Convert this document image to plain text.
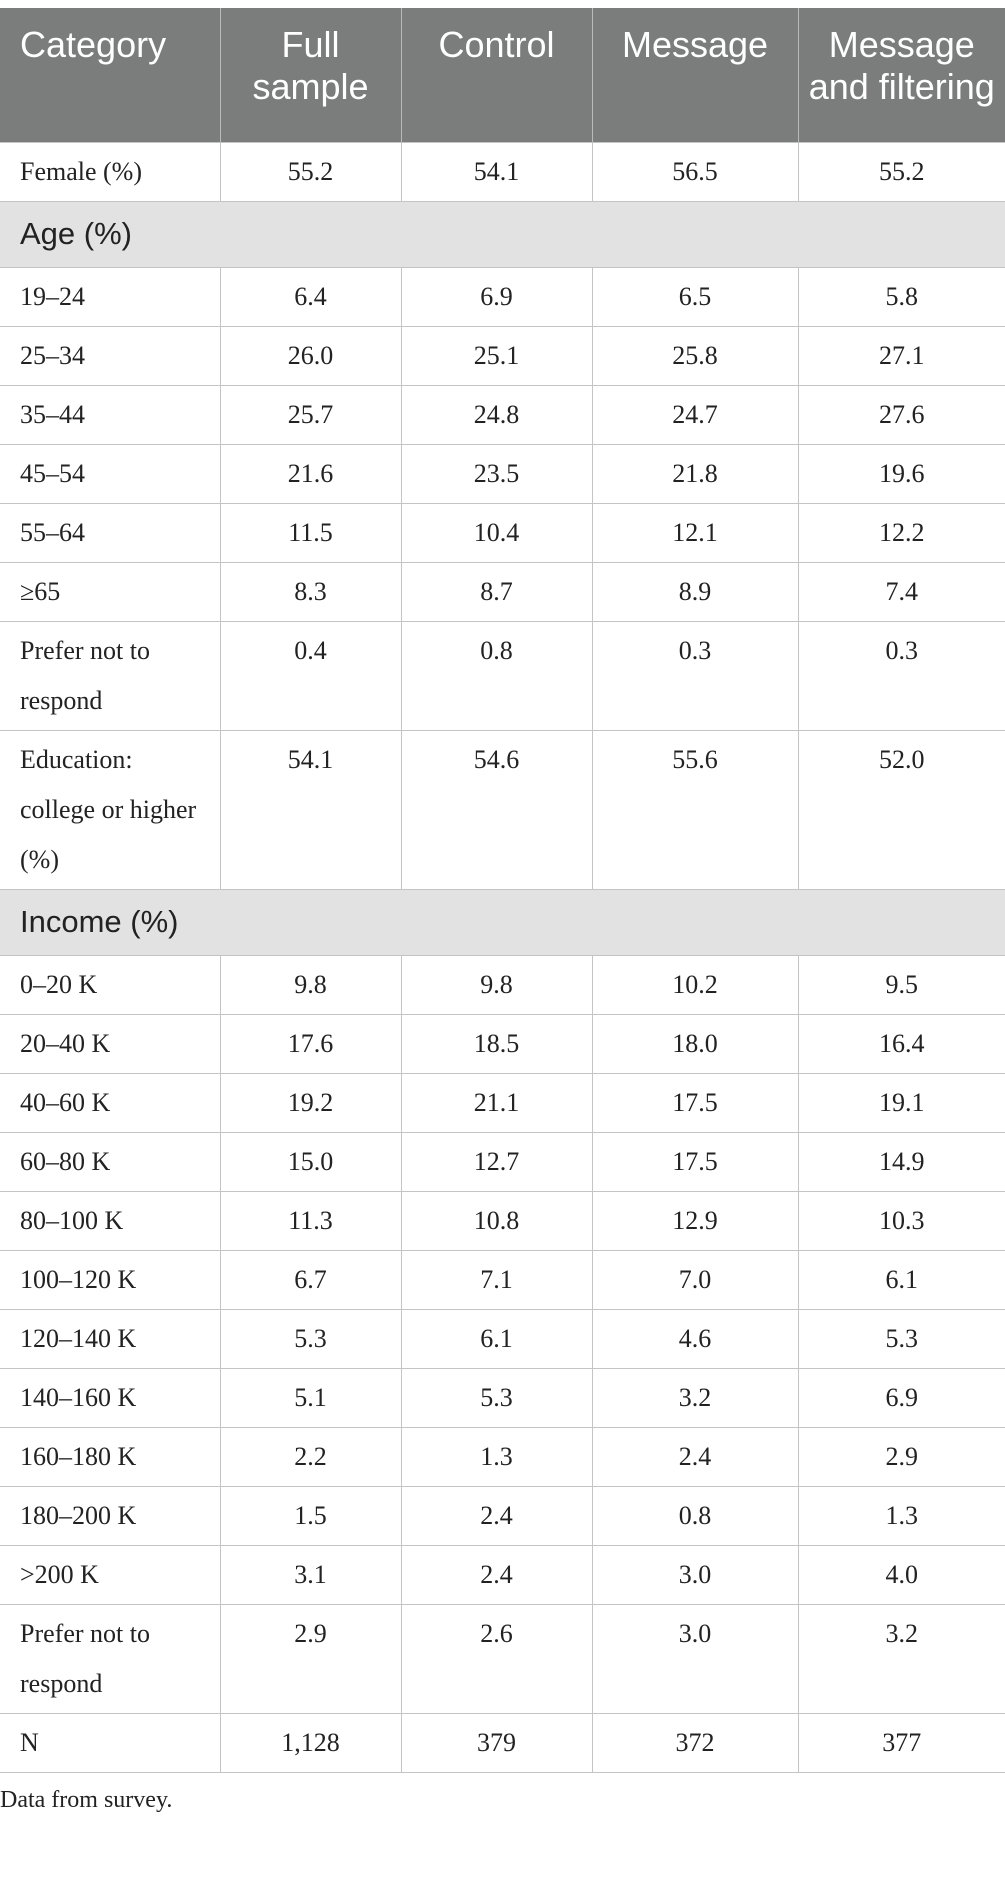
Category	Full sample	Control	Message	Message and filtering
Female (%)	55.2	54.1	56.5	55.2
Age (%)				
19–24	6.4	6.9	6.5	5.8
25–34	26.0	25.1	25.8	27.1
35–44	25.7	24.8	24.7	27.6
45–54	21.6	23.5	21.8	19.6
55–64	11.5	10.4	12.1	12.2
≥65	8.3	8.7	8.9	7.4
Prefer not to respond	0.4	0.8	0.3	0.3
Education: college or higher (%)	54.1	54.6	55.6	52.0
Income (%)				
0–20 K	9.8	9.8	10.2	9.5
20–40 K	17.6	18.5	18.0	16.4
40–60 K	19.2	21.1	17.5	19.1
60–80 K	15.0	12.7	17.5	14.9
80–100 K	11.3	10.8	12.9	10.3
100–120 K	6.7	7.1	7.0	6.1
120–140 K	5.3	6.1	4.6	5.3
140–160 K	5.1	5.3	3.2	6.9
160–180 K	2.2	1.3	2.4	2.9
180–200 K	1.5	2.4	0.8	1.3
>200 K	3.1	2.4	3.0	4.0
Prefer not to respond	2.9	2.6	3.0	3.2
N	1,128	379	372	377

Data from survey.
